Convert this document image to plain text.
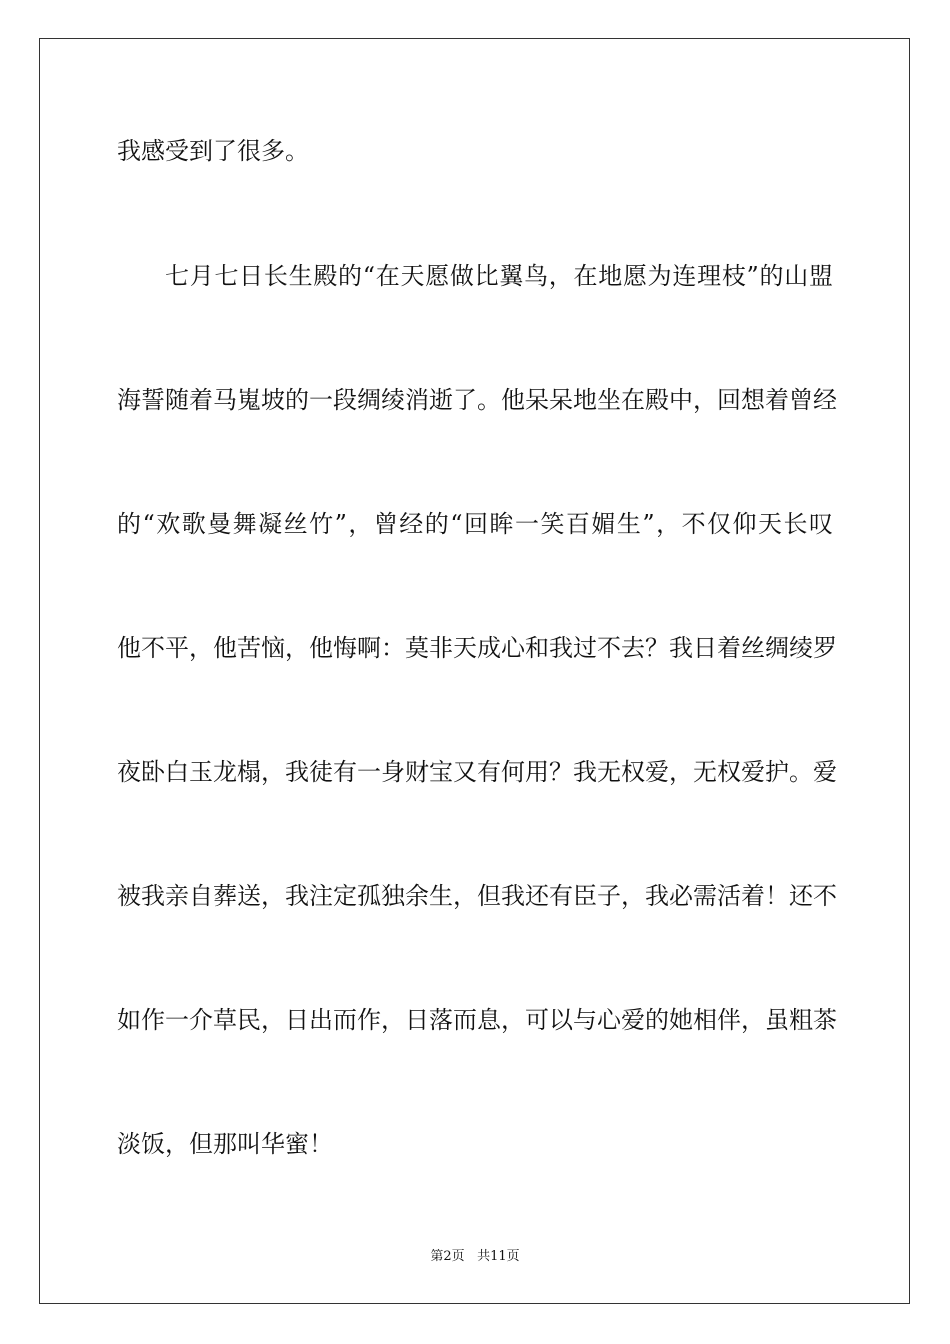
我感受到了很多。
七月七日长生殿的“在天愿做比翼鸟，在地愿为连理枝”的山盟
海誓随着马嵬坡的一段绸绫消逝了。他呆呆地坐在殿中，回想着曾经
的“欢歌曼舞凝丝竹”，曾经的“回眸一笑百媚生”，不仅仰天长叹
他不平，他苦恼，他悔啊：莫非天成心和我过不去？我日着丝绸绫罗
夜卧白玉龙榻，我徒有一身财宝又有何用？我无权爱，无权爱护。爱
被我亲自葬送，我注定孤独余生，但我还有臣子，我必需活着！还不
如作一介草民，日出而作，日落而息，可以与心爱的她相伴，虽粗茶
淡饭，但那叫华蜜！
第2页 共11页
